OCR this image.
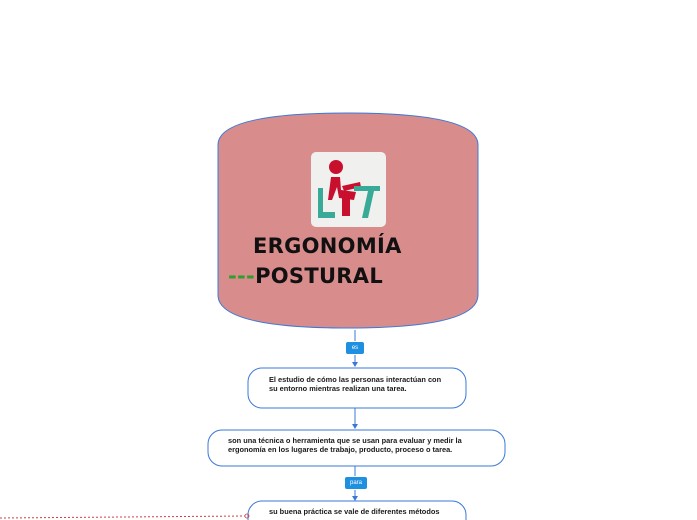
ERGONOMÍA
---POSTURAL
es
para
El estudio de cómo las personas interactúan con su entorno mientras realizan una tarea.
son una técnica o herramienta que se usan para evaluar y medir la ergonomía en los lugares de trabajo, producto, proceso o tarea.
su buena práctica se vale de diferentes métodos
